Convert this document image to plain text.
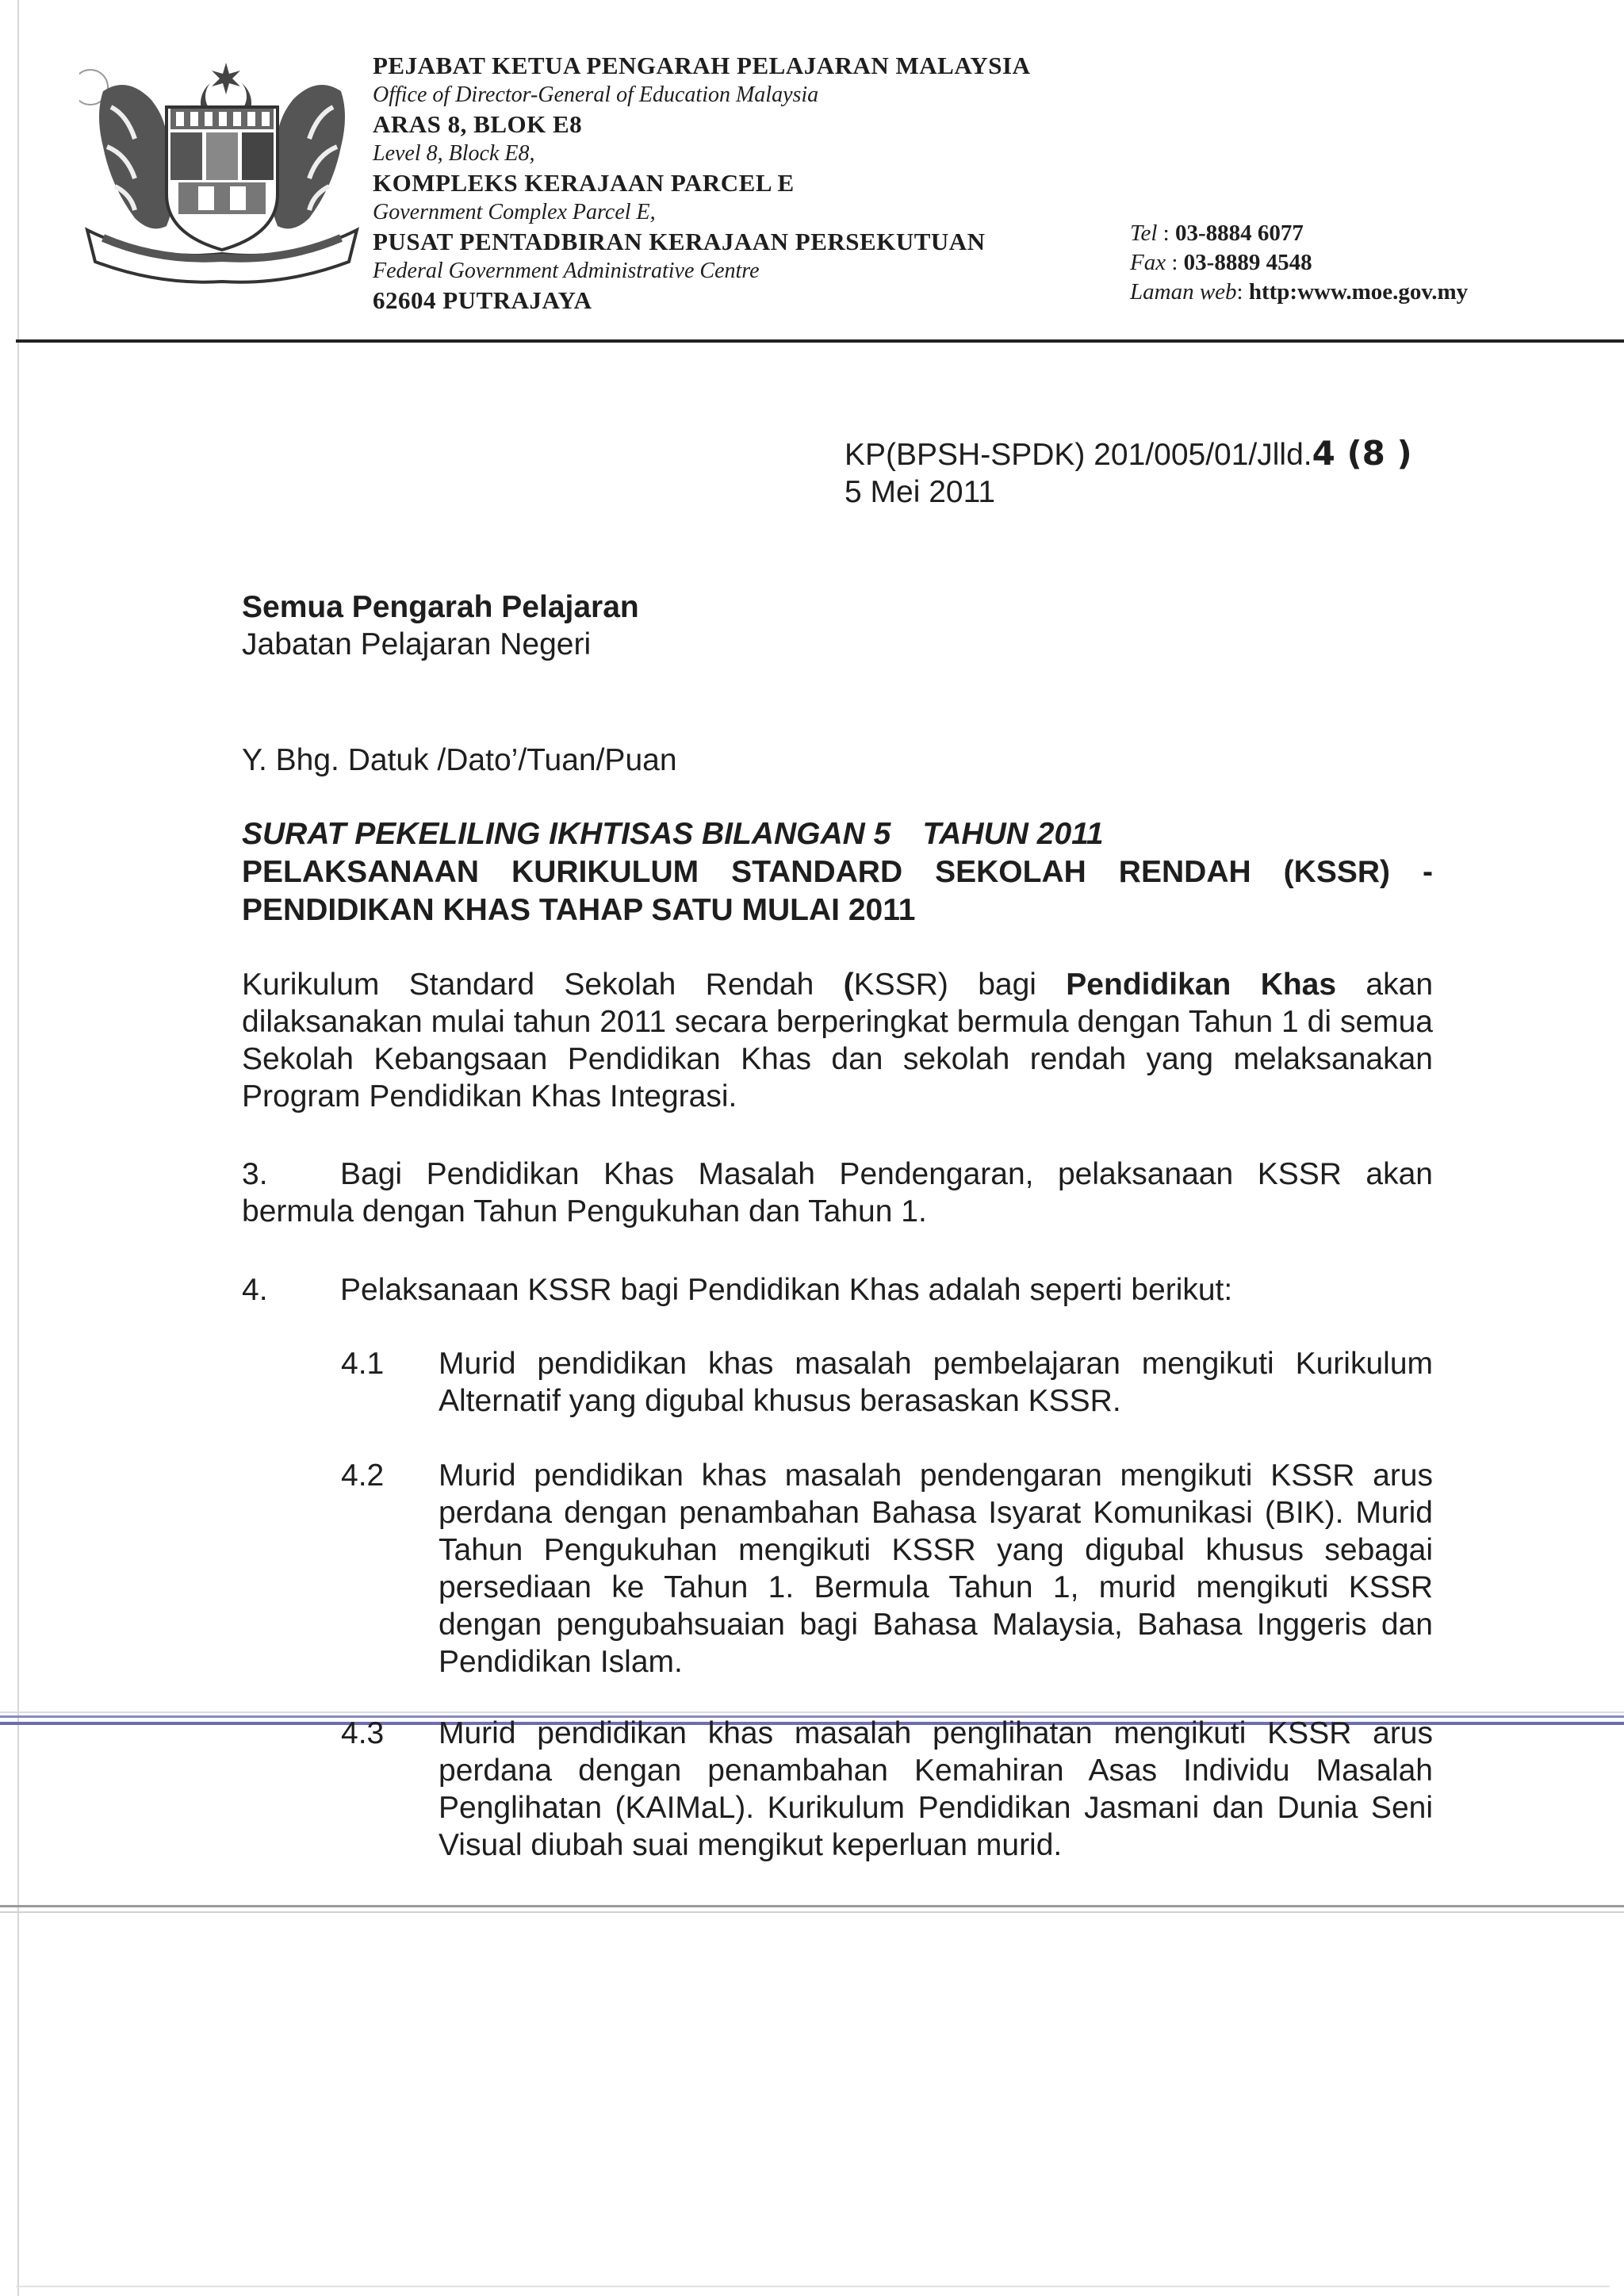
PEJABAT KETUA PENGARAH PELAJARAN MALAYSIA
Office of Director-General of Education Malaysia
ARAS 8, BLOK E8
Level 8, Block E8,
KOMPLEKS KERAJAAN PARCEL E
Government Complex Parcel E,
PUSAT PENTADBIRAN KERAJAAN PERSEKUTUAN
Federal Government Administrative Centre
62604 PUTRAJAYA
Tel : 03-8884 6077
Fax : 03-8889 4548
Laman web: http:www.moe.gov.my
KP(BPSH-SPDK) 201/005/01/Jlld.4 (8 )
5 Mei 2011
Semua Pengarah Pelajaran
Jabatan Pelajaran Negeri
Y. Bhg. Datuk /Dato’/Tuan/Puan
SURAT PEKELILING IKHTISAS BILANGAN 5 TAHUN 2011
PELAKSANAAN KURIKULUM STANDARD SEKOLAH RENDAH (KSSR) -
PENDIDIKAN KHAS TAHAP SATU MULAI 2011
Kurikulum Standard Sekolah Rendah (KSSR) bagi Pendidikan Khas akan dilaksanakan mulai tahun 2011 secara berperingkat bermula dengan Tahun 1 di semua Sekolah Kebangsaan Pendidikan Khas dan sekolah rendah yang melaksanakan Program Pendidikan Khas Integrasi.
3. Bagi Pendidikan Khas Masalah Pendengaran, pelaksanaan KSSR akan bermula dengan Tahun Pengukuhan dan Tahun 1.
4. Pelaksanaan KSSR bagi Pendidikan Khas adalah seperti berikut:
4.1 Murid pendidikan khas masalah pembelajaran mengikuti Kurikulum Alternatif yang digubal khusus berasaskan KSSR.
4.2 Murid pendidikan khas masalah pendengaran mengikuti KSSR arus perdana dengan penambahan Bahasa Isyarat Komunikasi (BIK). Murid Tahun Pengukuhan mengikuti KSSR yang digubal khusus sebagai persediaan ke Tahun 1. Bermula Tahun 1, murid mengikuti KSSR dengan pengubahsuaian bagi Bahasa Malaysia, Bahasa Inggeris dan Pendidikan Islam.
4.3 Murid pendidikan khas masalah penglihatan mengikuti KSSR arus perdana dengan penambahan Kemahiran Asas Individu Masalah Penglihatan (KAIMaL). Kurikulum Pendidikan Jasmani dan Dunia Seni Visual diubah suai mengikut keperluan murid.
